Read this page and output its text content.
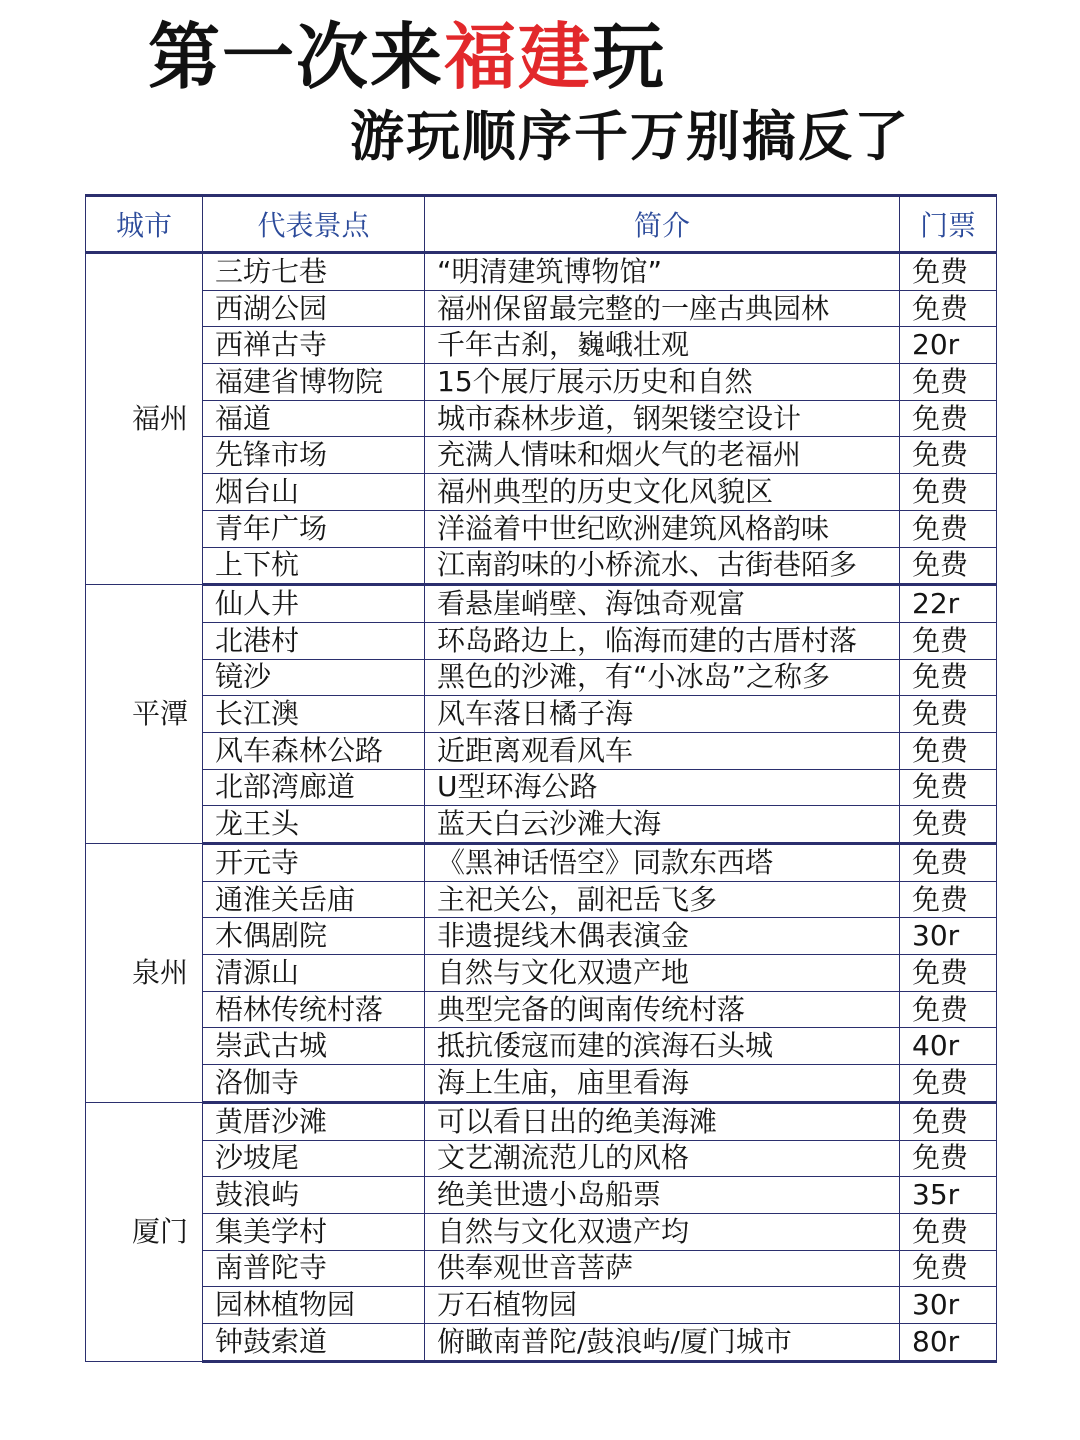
第一次来福建玩
游玩顺序千万别搞反了
城市	代表景点	简介	门票

福州	三坊七巷	“明清建筑博物馆”	免费
	西湖公园	福州保留最完整的一座古典园林	免费
	西禅古寺	千年古刹，巍峨壮观	20r
	福建省博物院	15个展厅展示历史和自然	免费
	福道	城市森林步道，钢架镂空设计	免费
	先锋市场	充满人情味和烟火气的老福州	免费
	烟台山	福州典型的历史文化风貌区	免费
	青年广场	洋溢着中世纪欧洲建筑风格韵味	免费
	上下杭	江南韵味的小桥流水、古街巷陌多	免费

平潭	仙人井	看悬崖峭壁、海蚀奇观富	22r
	北港村	环岛路边上，临海而建的古厝村落	免费
	镜沙	黑色的沙滩，有“小冰岛”之称多	免费
	长江澳	风车落日橘子海	免费
	风车森林公路	近距离观看风车	免费
	北部湾廊道	U型环海公路	免费
	龙王头	蓝天白云沙滩大海	免费

泉州	开元寺	《黑神话悟空》同款东西塔	免费
	通淮关岳庙	主祀关公，副祀岳飞多	免费
	木偶剧院	非遗提线木偶表演金	30r
	清源山	自然与文化双遗产地	免费
	梧林传统村落	典型完备的闽南传统村落	免费
	崇武古城	抵抗倭寇而建的滨海石头城	40r
	洛伽寺	海上生庙，庙里看海	免费

厦门	黄厝沙滩	可以看日出的绝美海滩	免费
	沙坡尾	文艺潮流范儿的风格	免费
	鼓浪屿	绝美世遗小岛船票	35r
	集美学村	自然与文化双遗产均	免费
	南普陀寺	供奉观世音菩萨	免费
	园林植物园	万石植物园	30r
	钟鼓索道	俯瞰南普陀/鼓浪屿/厦门城市	80r
